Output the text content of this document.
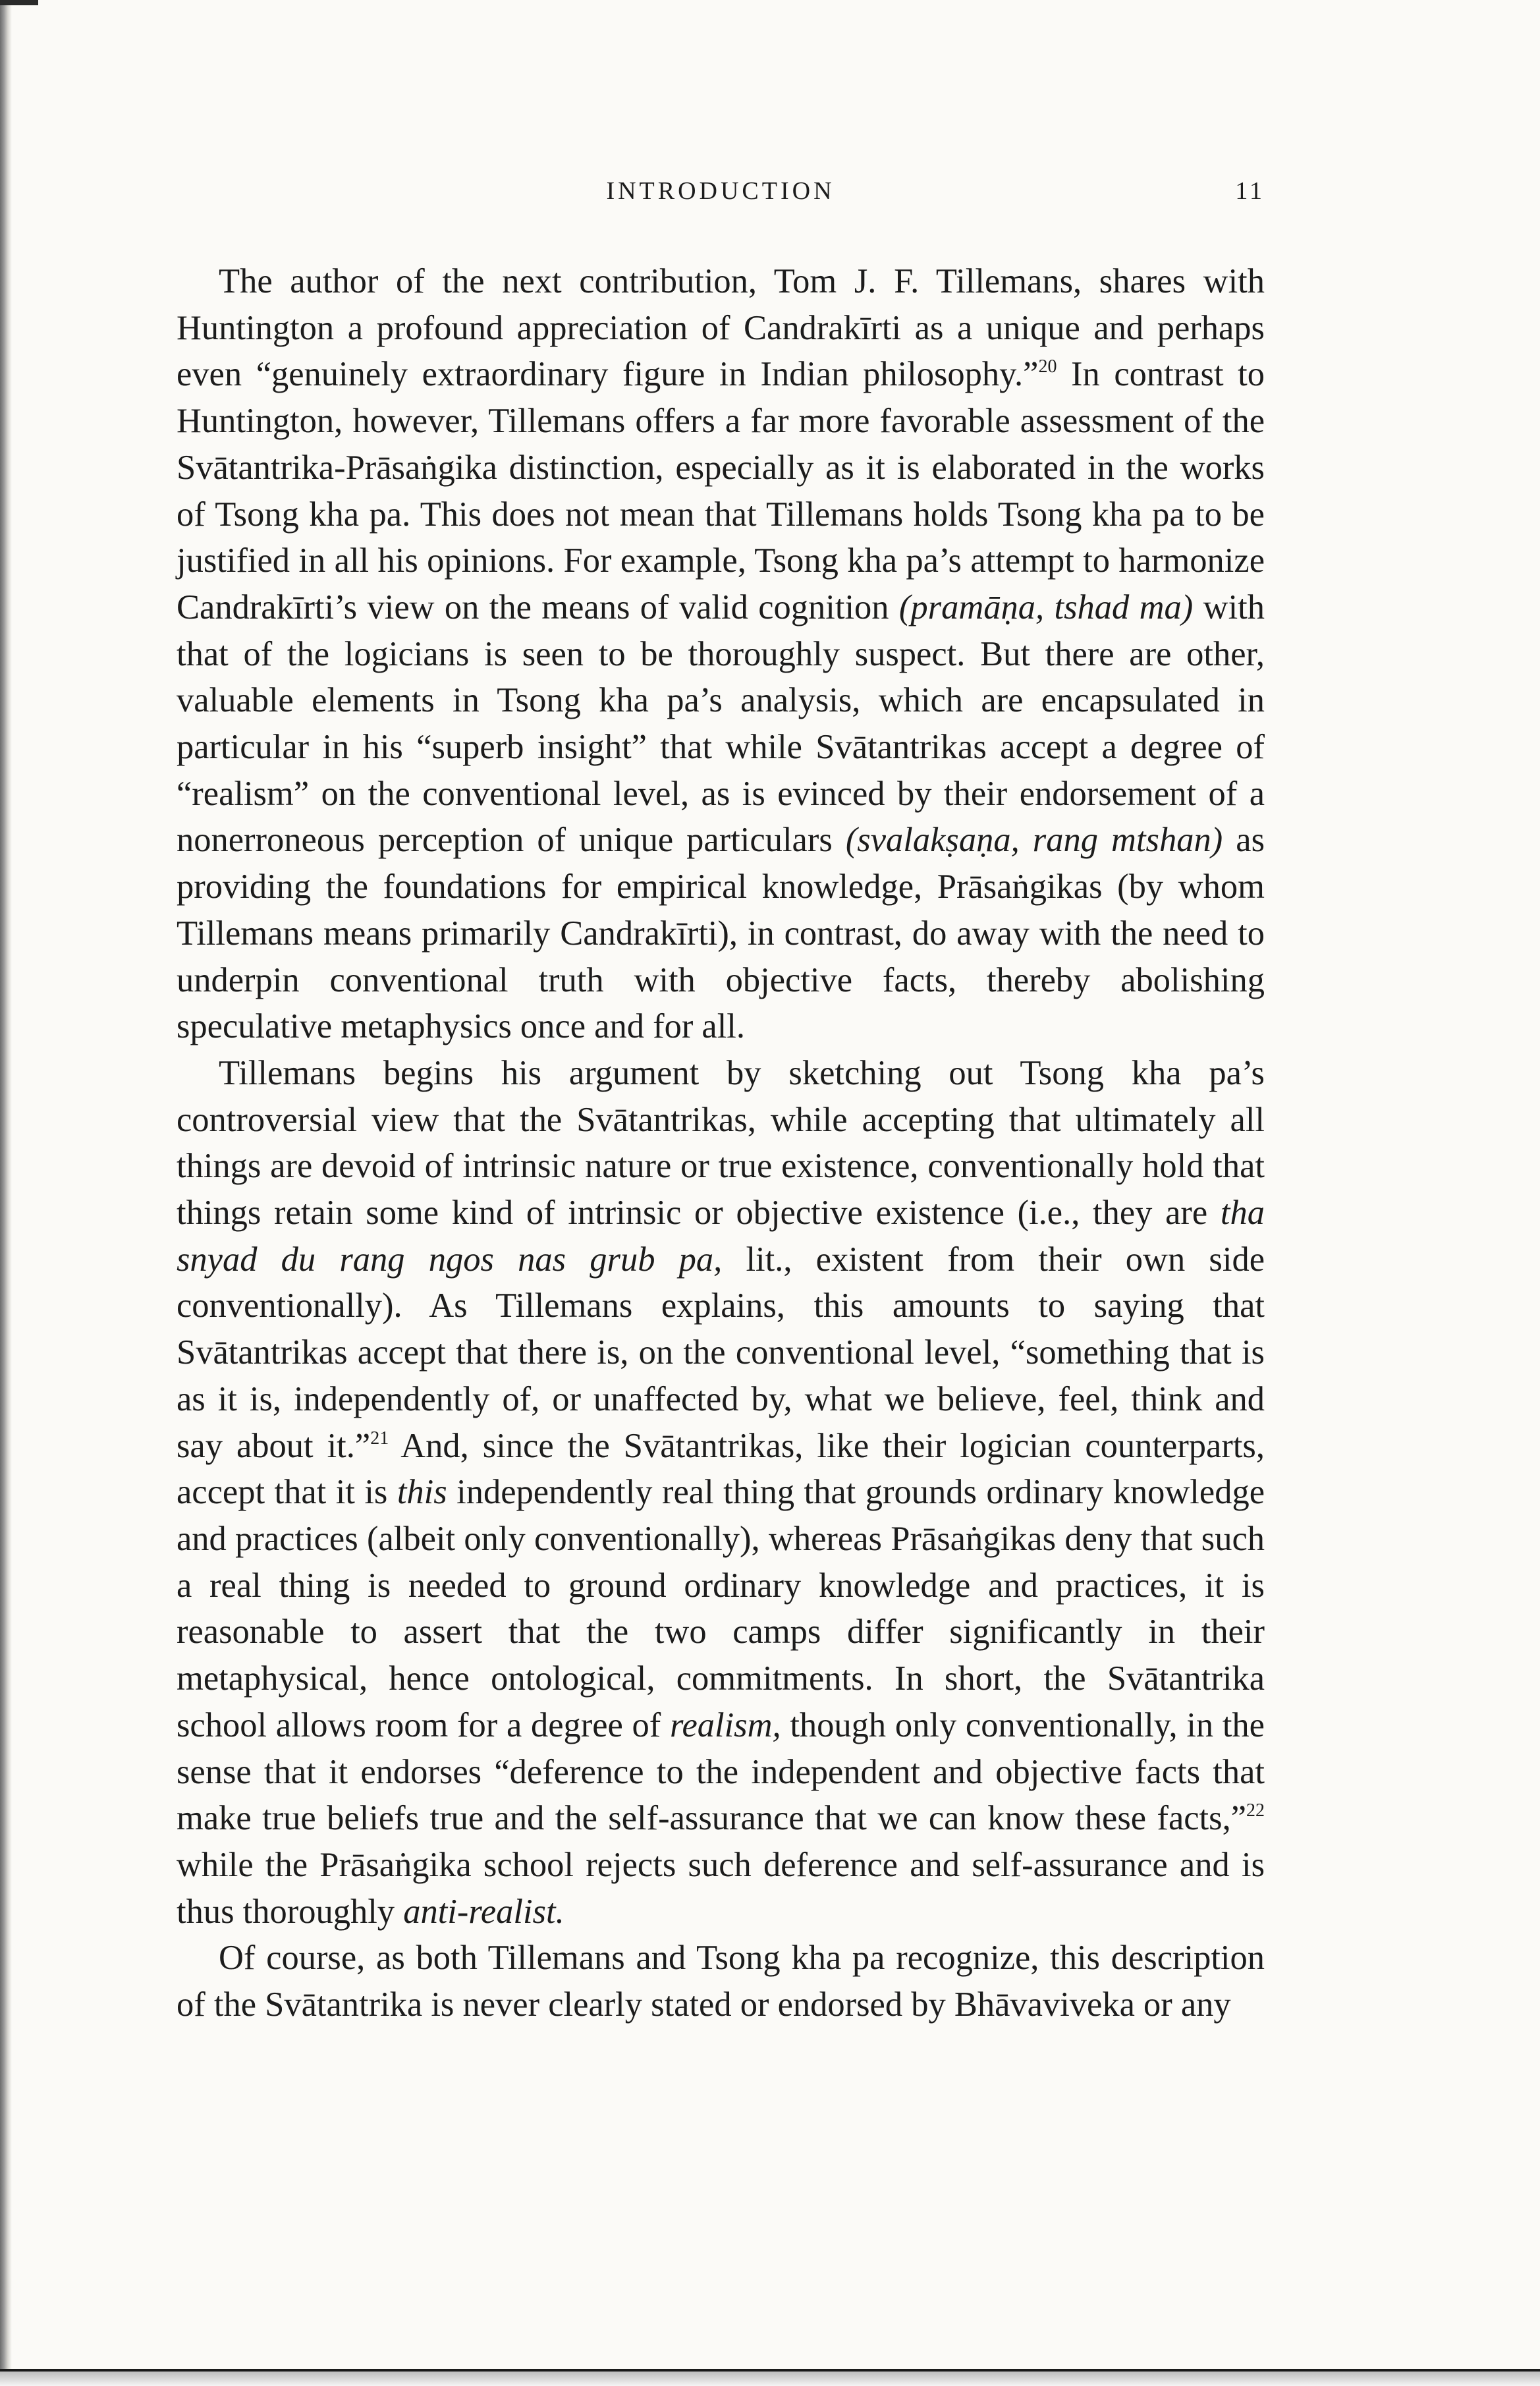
INTRODUCTION	11

The author of the next contribution, Tom J. F. Tillemans, shares with Huntington a profound appreciation of Candrakīrti as a unique and perhaps even “genuinely extraordinary figure in Indian philosophy.”$^{20}$ In contrast to Huntington, however, Tillemans offers a far more favorable assessment of the Svātantrika-Prāsaṅgika distinction, especially as it is elaborated in the works of Tsong kha pa. This does not mean that Tillemans holds Tsong kha pa to be justified in all his opinions. For example, Tsong kha pa’s attempt to harmonize Candrakīrti’s view on the means of valid cognition (pramāṇa, tshad ma) with that of the logicians is seen to be thoroughly suspect. But there are other, valuable elements in Tsong kha pa’s analysis, which are encapsulated in particular in his “superb insight” that while Svātantrikas accept a degree of “realism” on the conventional level, as is evinced by their endorsement of a nonerroneous perception of unique particulars (svalakṣaṇa, rang mtshan) as providing the foundations for empirical knowledge, Prāsaṅgikas (by whom Tillemans means primarily Candrakīrti), in contrast, do away with the need to underpin conventional truth with objective facts, thereby abolishing speculative metaphysics once and for all.

Tillemans begins his argument by sketching out Tsong kha pa’s controversial view that the Svātantrikas, while accepting that ultimately all things are devoid of intrinsic nature or true existence, conventionally hold that things retain some kind of intrinsic or objective existence (i.e., they are tha snyad du rang ngos nas grub pa, lit., existent from their own side conventionally). As Tillemans explains, this amounts to saying that Svātantrikas accept that there is, on the conventional level, “something that is as it is, independently of, or unaffected by, what we believe, feel, think and say about it.”$^{21}$ And, since the Svātantrikas, like their logician counterparts, accept that it is this independently real thing that grounds ordinary knowledge and practices (albeit only conventionally), whereas Prāsaṅgikas deny that such a real thing is needed to ground ordinary knowledge and practices, it is reasonable to assert that the two camps differ significantly in their metaphysical, hence ontological, commitments. In short, the Svātantrika school allows room for a degree of realism, though only conventionally, in the sense that it endorses “deference to the independent and objective facts that make true beliefs true and the self-assurance that we can know these facts,”$^{22}$ while the Prāsaṅgika school rejects such deference and self-assurance and is thus thoroughly anti-realist.

Of course, as both Tillemans and Tsong kha pa recognize, this description of the Svātantrika is never clearly stated or endorsed by Bhāvaviveka or any
